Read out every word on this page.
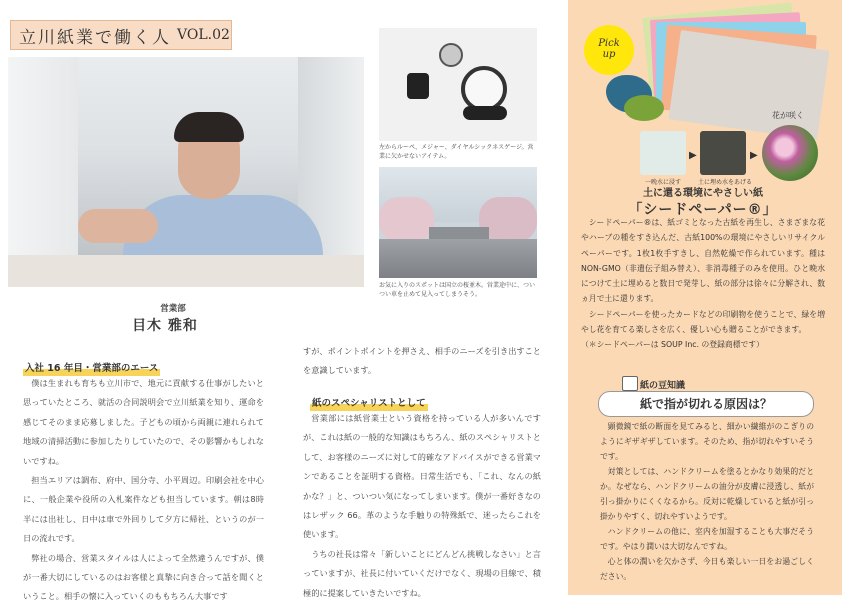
立川紙業で働く人 VOL.02
左からルーペ、メジャー、ダイヤルシックネスゲージ。営業に欠かせないアイテム。
お気に入りのスポットは国立の桜並木。営業途中に、ついつい車を止めて見入ってしまうそう。
営業部
目木 雅和
入社 16 年目・営業部のエース

僕は生まれも育ちも立川市で、地元に貢献する仕事がしたいと思っていたところ、就活の合同説明会で立川紙業を知り、運命を感じてそのまま応募しました。子どもの頃から両親に連れられて地域の清掃活動に参加したりしていたので、その影響かもしれないですね。

担当エリアは調布、府中、国分寺、小平周辺。印刷会社を中心に、一般企業や役所の入札案件なども担当しています。朝は8時半には出社し、日中は車で外回りして夕方に帰社、というのが一日の流れです。

弊社の場合、営業スタイルは人によって全然違うんですが、僕が一番大切にしているのはお客様と真摯に向き合って話を聞くということ。相手の懐に入っていくのももちろん大事です

すが、ポイントポイントを押さえ、相手のニーズを引き出すことを意識しています。

紙のスペシャリストとして

営業部には紙営業士という資格を持っている人が多いんですが、これは紙の一般的な知識はもちろん、紙のスペシャリストとして、お客様のニーズに対して的確なアドバイスができる営業マンであることを証明する資格。日常生活でも、「これ、なんの紙かな？」と、ついつい気になってしまいます。僕が一番好きなのはレザック 66。革のような手触りの特殊紙で、迷ったらこれを使います。

うちの社長は常々「新しいことにどんどん挑戦しなさい」と言っていますが、社長に付いていくだけでなく、現場の目線で、積極的に提案していきたいですね。

Pick
up
▶	▶
花が咲く
一晩水に浸す	土に埋め水をあげる
土に還る環境にやさしい紙
「シードペーパー®」

シードペーパー®は、紙ゴミとなった古紙を再生し、さまざまな花やハーブの種をすき込んだ、古紙100%の環境にやさしいリサイクルペーパーです。1枚1枚手すきし、自然乾燥で作られています。種はNON-GMO（非遺伝子組み替え）、非消毒種子のみを使用。ひと晩水につけて土に埋めると数日で発芽し、紙の部分は徐々に分解され、数ヵ月で土に還ります。

シードペーパーを使ったカードなどの印刷物を使うことで、緑を増やし花を育てる楽しさを広く、優しい心も贈ることができます。

（＊シードペーパーは SOUP Inc. の登録商標です）

紙の豆知識
紙で指が切れる原因は？

顕微鏡で紙の断面を見てみると、細かい繊維がのこぎりのようにギザギザしています。そのため、指が切れやすいそうです。

対策としては、ハンドクリームを塗るとかなり効果的だとか。なぜなら、ハンドクリームの油分が皮膚に浸透し、紙が引っ掛かりにくくなるから。反対に乾燥していると紙が引っ掛かりやすく、切れやすいようです。

ハンドクリームの他に、室内を加湿することも大事だそうです。やはり潤いは大切なんですね。

心と体の潤いを欠かさず、今日も楽しい一日をお過ごしください。
